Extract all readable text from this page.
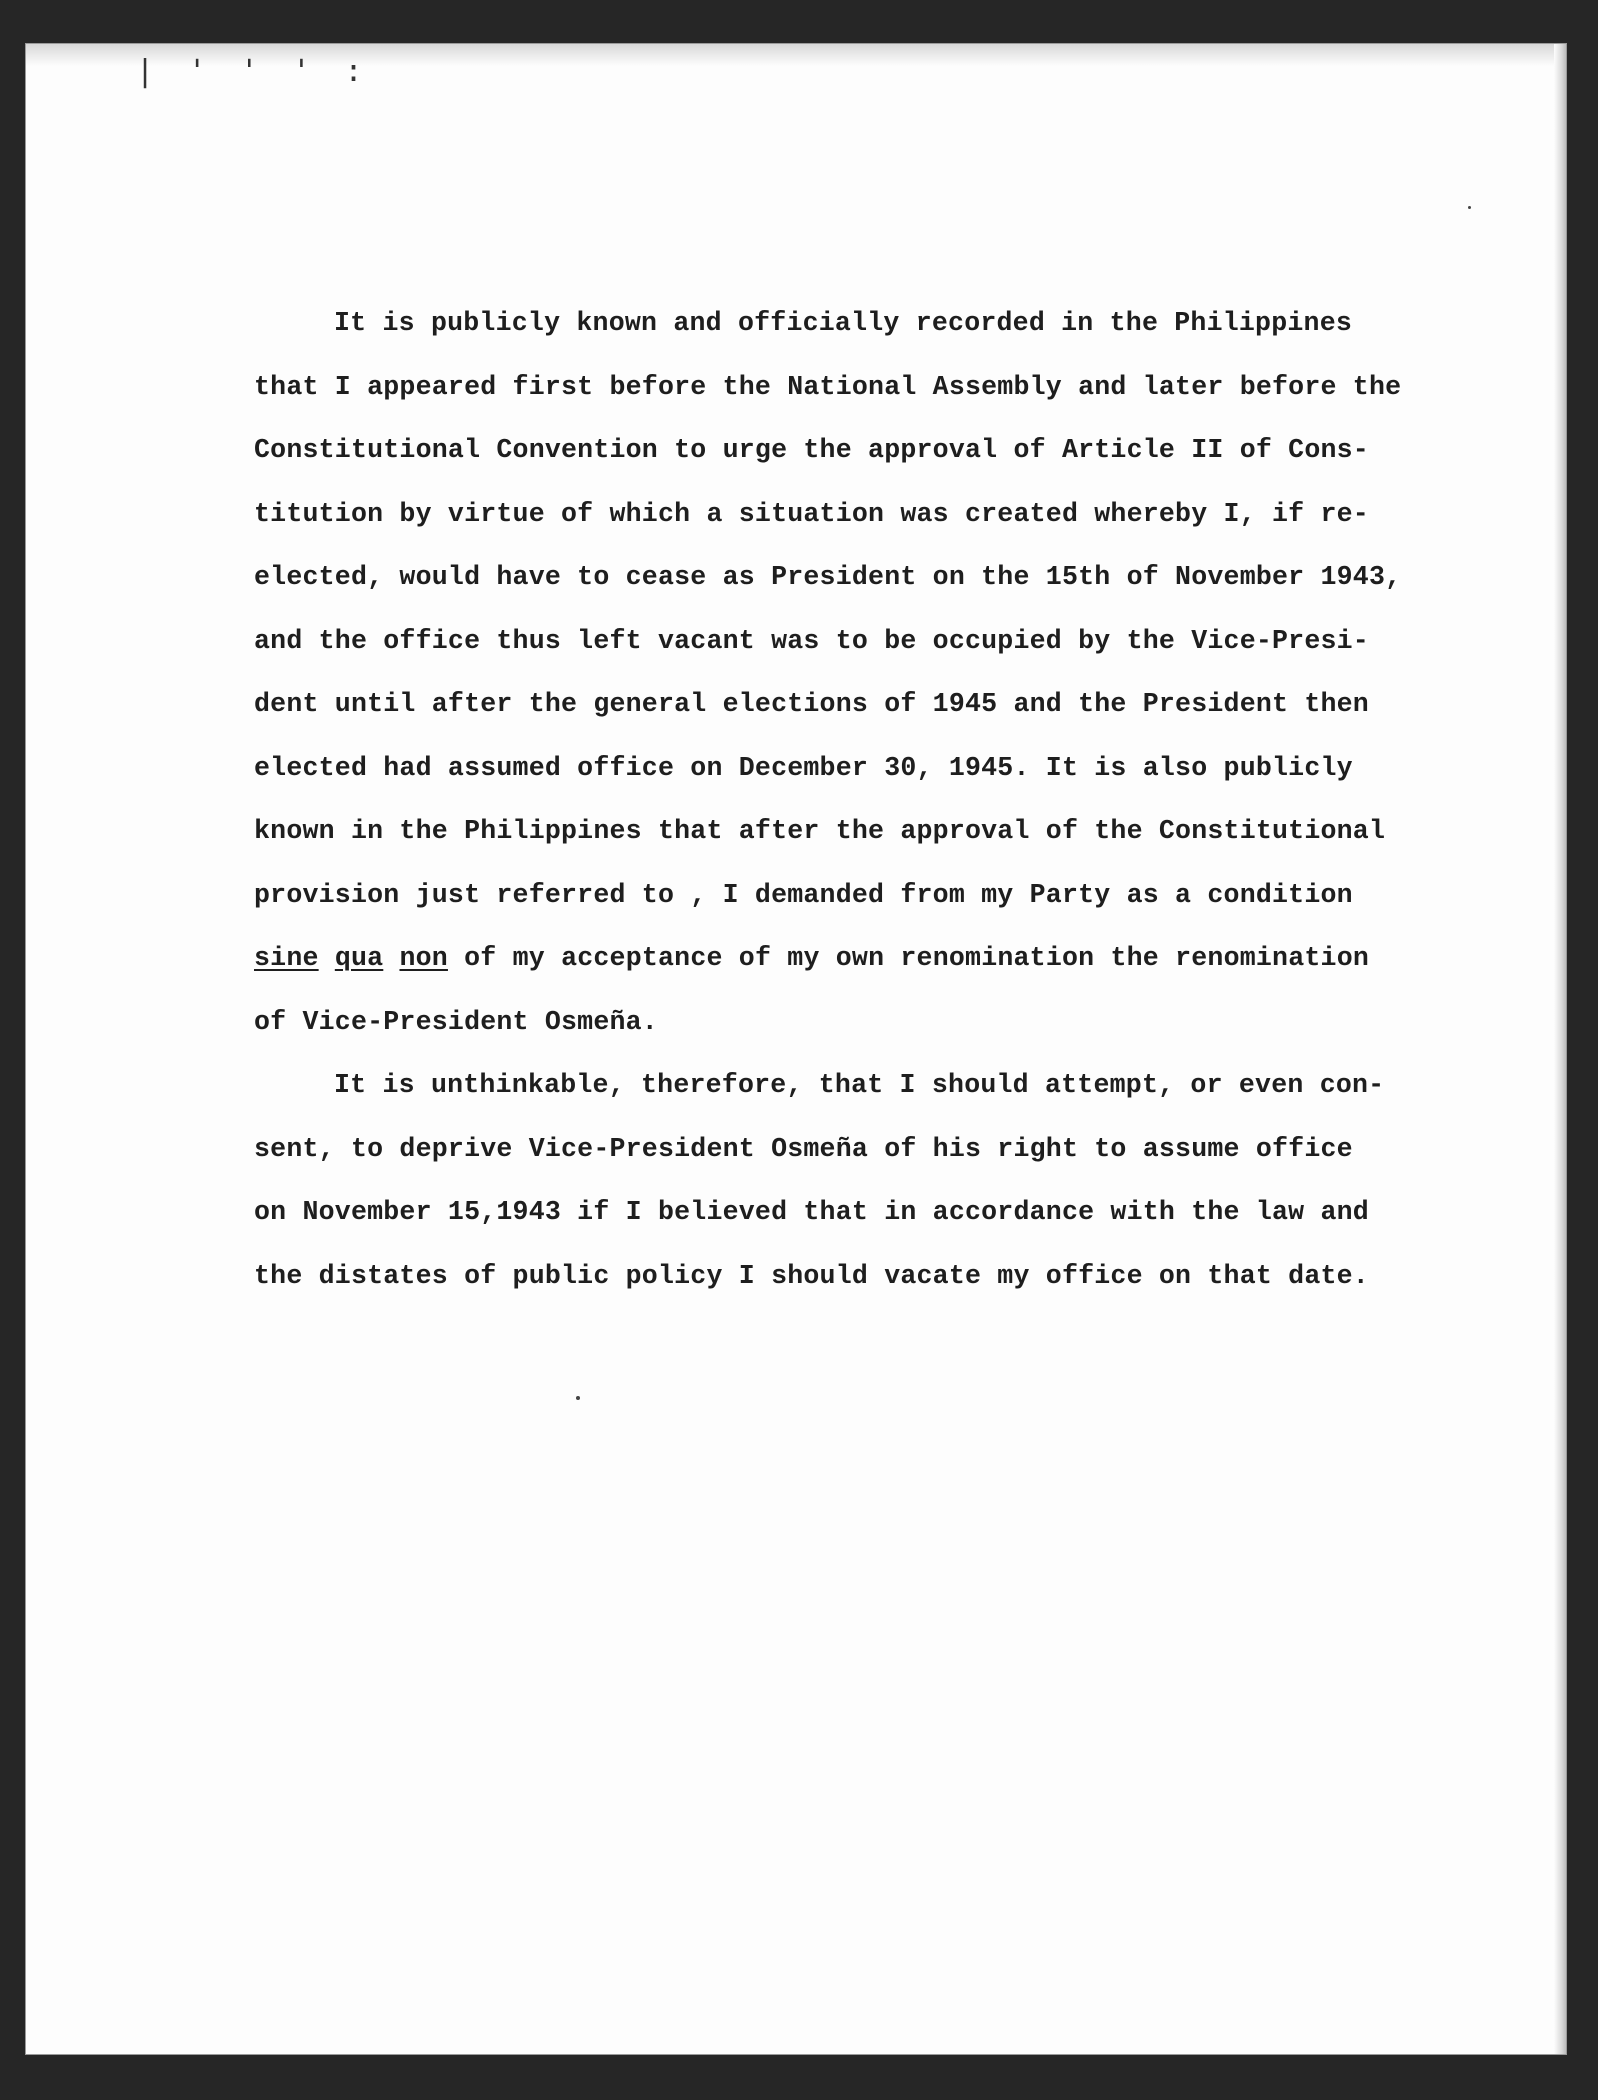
| ' ' ' :
It is publicly known and officially recorded in the Philippines
that I appeared first before the National Assembly and later before the
Constitutional Convention to urge the approval of Article II of Cons-
titution by virtue of which a situation was created whereby I, if re-
elected, would have to cease as President on the 15th of November 1943,
and the office thus left vacant was to be occupied by the Vice-Presi-
dent until after the general elections of 1945 and the President then
elected had assumed office on December 30, 1945. It is also publicly
known in the Philippines that after the approval of the Constitutional
provision just referred to , I demanded from my Party as a condition
sine qua non of my acceptance of my own renomination the renomination
of Vice-President Osmeña.
It is unthinkable, therefore, that I should attempt, or even con-
sent, to deprive Vice-President Osmeña of his right to assume office
on November 15,1943 if I believed that in accordance with the law and
the distates of public policy I should vacate my office on that date.
